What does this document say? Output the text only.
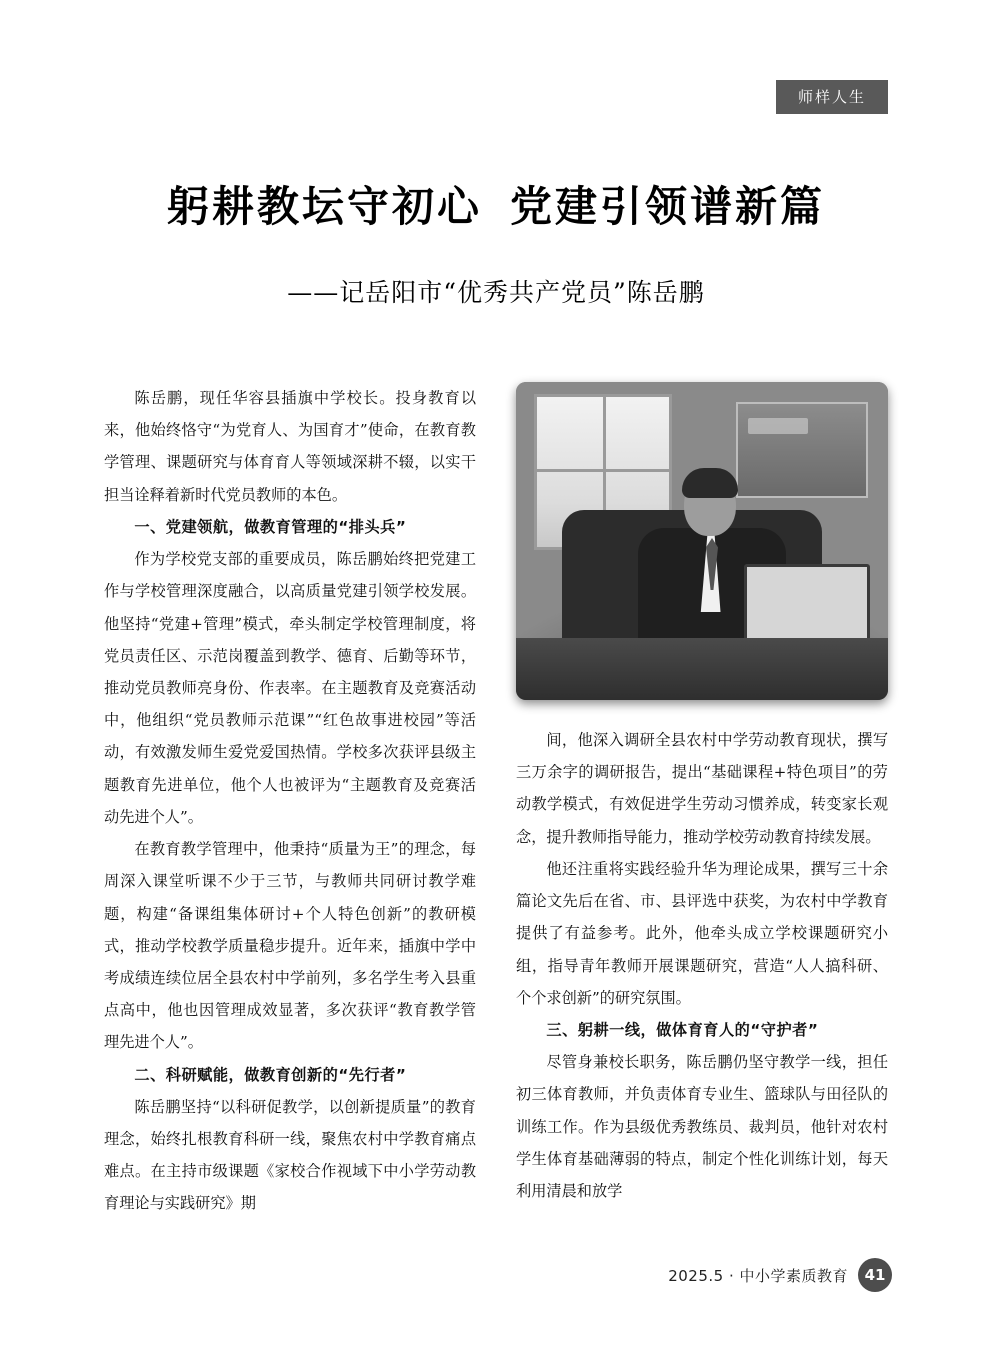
师样人生
躬耕教坛守初心 党建引领谱新篇
——记岳阳市“优秀共产党员”陈岳鹏

陈岳鹏，现任华容县插旗中学校长。投身教育以来，他始终恪守“为党育人、为国育才”使命，在教育教学管理、课题研究与体育育人等领域深耕不辍，以实干担当诠释着新时代党员教师的本色。

一、党建领航，做教育管理的“排头兵”

作为学校党支部的重要成员，陈岳鹏始终把党建工作与学校管理深度融合，以高质量党建引领学校发展。他坚持“党建+管理”模式，牵头制定学校管理制度，将党员责任区、示范岗覆盖到教学、德育、后勤等环节，推动党员教师亮身份、作表率。在主题教育及竞赛活动中，他组织“党员教师示范课”“红色故事进校园”等活动，有效激发师生爱党爱国热情。学校多次获评县级主题教育先进单位，他个人也被评为“主题教育及竞赛活动先进个人”。

在教育教学管理中，他秉持“质量为王”的理念，每周深入课堂听课不少于三节，与教师共同研讨教学难题，构建“备课组集体研讨+个人特色创新”的教研模式，推动学校教学质量稳步提升。近年来，插旗中学中考成绩连续位居全县农村中学前列，多名学生考入县重点高中，他也因管理成效显著，多次获评“教育教学管理先进个人”。

二、科研赋能，做教育创新的“先行者”

陈岳鹏坚持“以科研促教学，以创新提质量”的教育理念，始终扎根教育科研一线，聚焦农村中学教育痛点难点。在主持市级课题《家校合作视域下中小学劳动教育理论与实践研究》期

间，他深入调研全县农村中学劳动教育现状，撰写三万余字的调研报告，提出“基础课程+特色项目”的劳动教学模式，有效促进学生劳动习惯养成，转变家长观念，提升教师指导能力，推动学校劳动教育持续发展。

他还注重将实践经验升华为理论成果，撰写三十余篇论文先后在省、市、县评选中获奖，为农村中学教育提供了有益参考。此外，他牵头成立学校课题研究小组，指导青年教师开展课题研究，营造“人人搞科研、个个求创新”的研究氛围。

三、躬耕一线，做体育育人的“守护者”

尽管身兼校长职务，陈岳鹏仍坚守教学一线，担任初三体育教师，并负责体育专业生、篮球队与田径队的训练工作。作为县级优秀教练员、裁判员，他针对农村学生体育基础薄弱的特点，制定个性化训练计划，每天利用清晨和放学

2025.5 · 中小学素质教育	41
